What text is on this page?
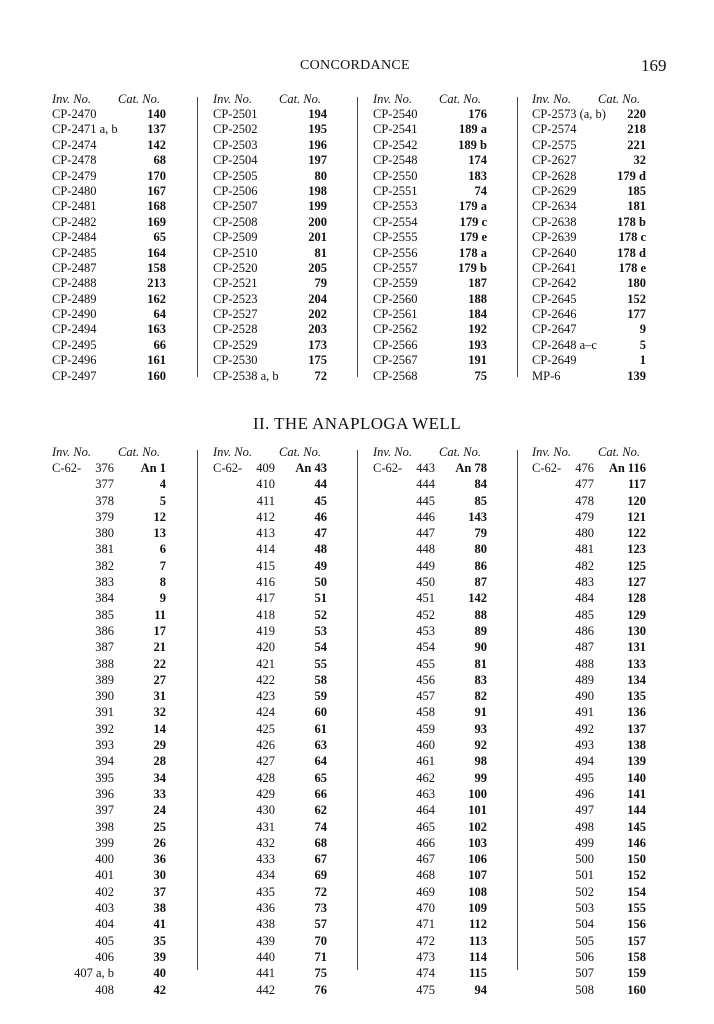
CONCORDANCE	169
Inv. No. Cat. No.
CP-2470	140
CP-2471 a, b 137
CP-2474	142
CP-2478	68
CP-2479	170
CP-2480	167
CP-2481	168
CP-2482	169
CP-2484	65
CP-2485	164
CP-2487	158
CP-2488	213
CP-2489	162
CP-2490	64
CP-2494	163
CP-2495	66
CP-2496	161
CP-2497	160
Inv. No. Cat. No.
CP-2501	194
CP-2502	195
CP-2503	196
CP-2504	197
CP-2505	80
CP-2506	198
CP-2507	199
CP-2508	200
CP-2509	201
CP-2510	81
CP-2520	205
CP-2521	79
CP-2523	204
CP-2527	202
CP-2528	203
CP-2529	173
CP-2530	175
CP-2538 a, b	72
Inv. No. Cat. No.
CP-2540	176
CP-2541	189 a
CP-2542	189 b
CP-2548	174
CP-2550	183
CP-2551	74
CP-2553	179 a
CP-2554	179 c
CP-2555	179 e
CP-2556	178 a
CP-2557	179 b
CP-2559	187
CP-2560	188
CP-2561	184
CP-2562	192
CP-2566	193
CP-2567	191
CP-2568	75
Inv. No. Cat. No.
CP-2573 (a, b) 220
CP-2574	218
CP-2575	221
CP-2627	32
CP-2628	179 d
CP-2629	185
CP-2634	181
CP-2638	178 b
CP-2639	178 c
CP-2640	178 d
CP-2641	178 e
CP-2642	180
CP-2645	152
CP-2646	177
CP-2647	9
CP-2648 a–c	5
CP-2649	1
MP-6	139
II. THE ANAPLOGA WELL
Inv. No. Cat. No.
C-62-	376 An 1
377	4
378	5
379	12
380	13
381	6
382	7
383	8
384	9
385	11
386	17
387	21
388	22
389	27
390	31
391	32
392	14
393	29
394	28
395	34
396	33
397	24
398	25
399	26
400	36
401	30
402	37
403	38
404	41
405	35
406	39
407 a, b	40
408	42
Inv. No. Cat. No.
C-62-	409 An 43
410	44
411	45
412	46
413	47
414	48
415	49
416	50
417	51
418	52
419	53
420	54
421	55
422	58
423	59
424	60
425	61
426	63
427	64
428	65
429	66
430	62
431	74
432	68
433	67
434	69
435	72
436	73
438	57
439	70
440	71
441	75
442	76
Inv. No. Cat. No.
C-62-	443 An 78
444	84
445	85
446	143
447	79
448	80
449	86
450	87
451	142
452	88
453	89
454	90
455	81
456	83
457	82
458	91
459	93
460	92
461	98
462	99
463	100
464	101
465	102
466	103
467	106
468	107
469	108
470	109
471	112
472	113
473	114
474	115
475	94
Inv. No. Cat. No.
C-62-	476 An 116
477	117
478	120
479	121
480	122
481	123
482	125
483	127
484	128
485	129
486	130
487	131
488	133
489	134
490	135
491	136
492	137
493	138
494	139
495	140
496	141
497	144
498	145
499	146
500	150
501	152
502	154
503	155
504	156
505	157
506	158
507	159
508	160
